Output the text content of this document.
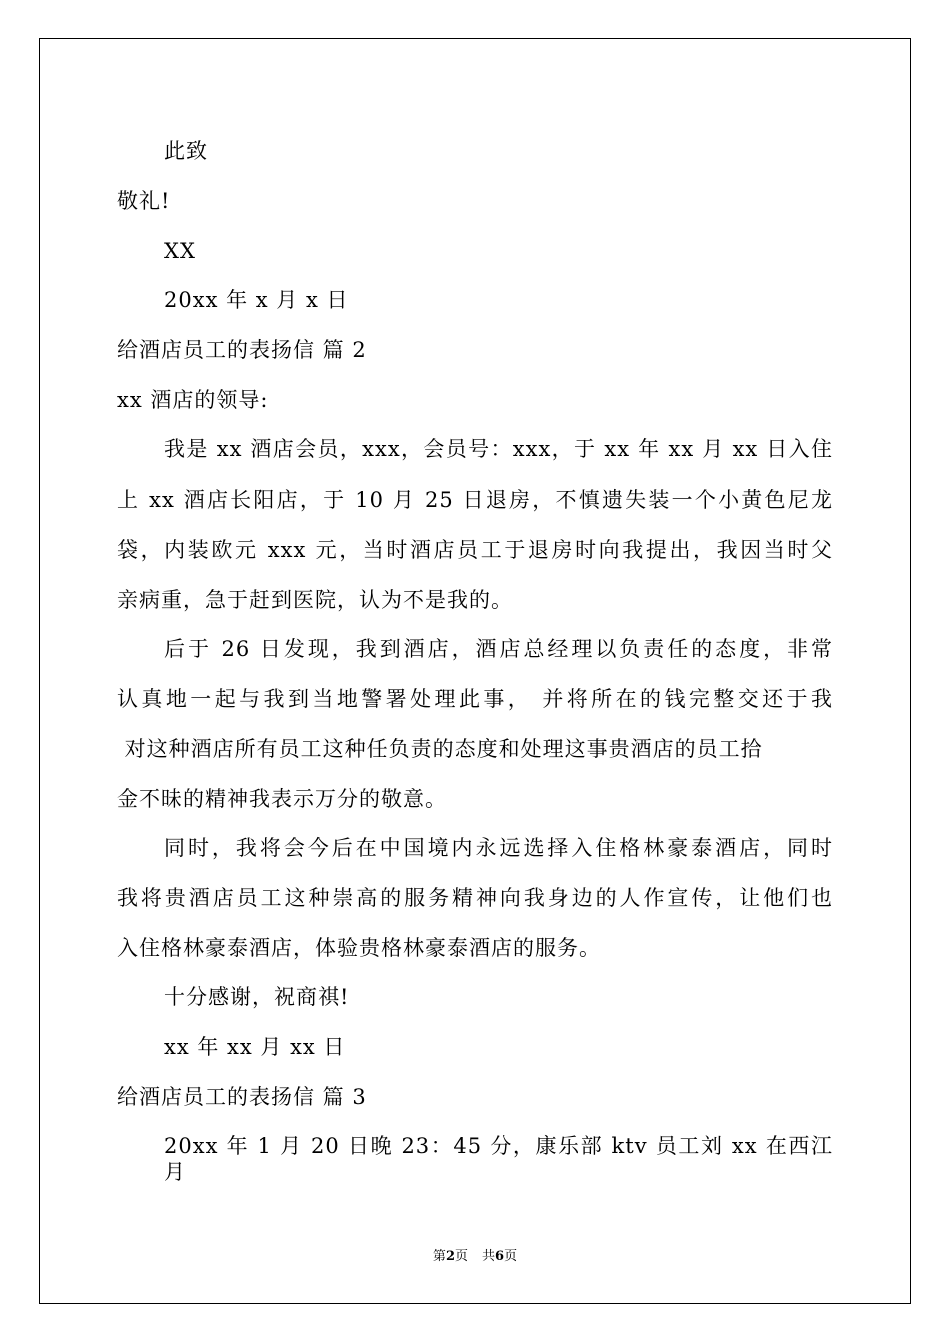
此致
敬礼!
XX
20xx 年 x 月 x 日
给酒店员工的表扬信 篇 2
xx 酒店的领导:
我是 xx 酒店会员，xxx，会员号：xxx，于 xx 年 xx 月 xx 日入住
上 xx 酒店长阳店，于 10 月 25 日退房，不慎遗失装一个小黄色尼龙
袋，内装欧元 xxx 元，当时酒店员工于退房时向我提出，我因当时父
亲病重，急于赶到医院，认为不是我的。
后于 26 日发现，我到酒店，酒店总经理以负责任的态度，非常
认真地一起与我到当地警署处理此事， 并将所在的钱完整交还于我
对这种酒店所有员工这种任负责的态度和处理这事贵酒店的员工拾
金不昧的精神我表示万分的敬意。
同时，我将会今后在中国境内永远选择入住格林豪泰酒店，同时
我将贵酒店员工这种崇高的服务精神向我身边的人作宣传，让他们也
入住格林豪泰酒店，体验贵格林豪泰酒店的服务。
十分感谢，祝商祺!
xx 年 xx 月 xx 日
给酒店员工的表扬信 篇 3
20xx 年 1 月 20 日晚 23：45 分，康乐部 ktv 员工刘 xx 在西江月
第2页 共6页
